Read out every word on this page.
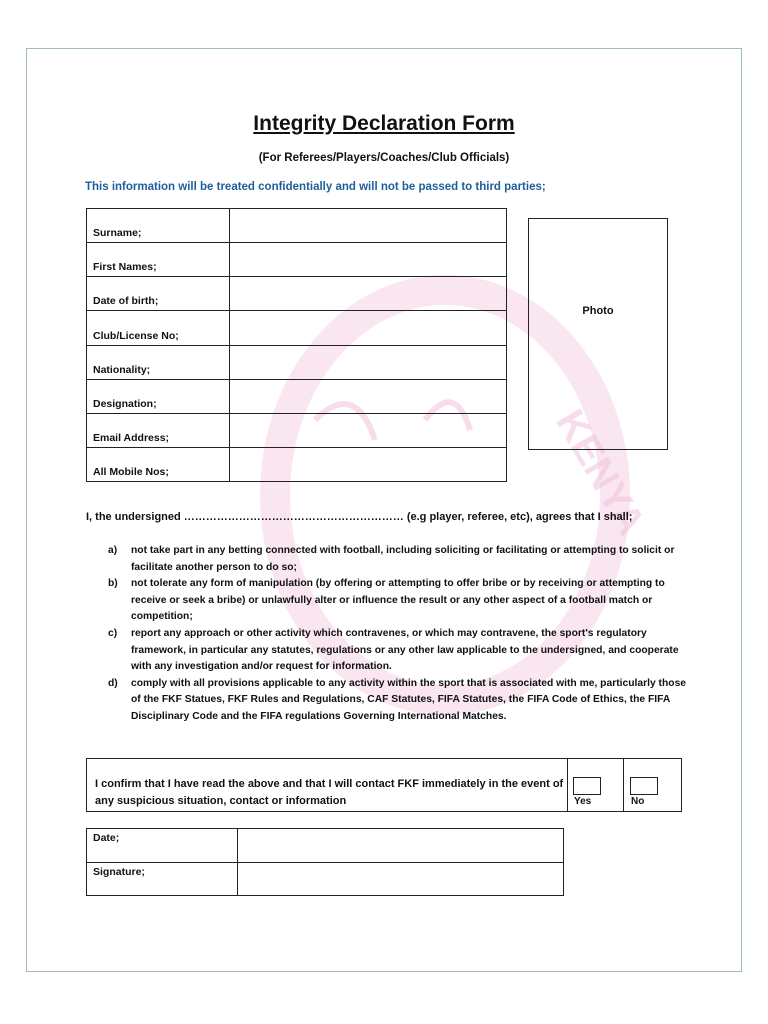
KENYA
Integrity Declaration Form
(For Referees/Players/Coaches/Club Officials)
This information will be treated confidentially and will not be passed to third parties;
Surname;	
First Names;	
Date of birth;	
Club/License No;	
Nationality;	
Designation;	
Email Address;	
All Mobile Nos;	
Photo
I, the undersigned …………………………………………………… (e.g player, referee, etc), agrees that I shall;
a) not take part in any betting connected with football, including soliciting or facilitating or attempting to solicit or facilitate another person to do so;
b) not tolerate any form of manipulation (by offering or attempting to offer bribe or by receiving or attempting to receive or seek a bribe) or unlawfully alter or influence the result or any other aspect of a football match or competition;
c) report any approach or other activity which contravenes, or which may contravene, the sport's regulatory framework, in particular any statutes, regulations or any other law applicable to the undersigned, and cooperate with any investigation and/or request for information.
d) comply with all provisions applicable to any activity within the sport that is associated with me, particularly those of the FKF Statues, FKF Rules and Regulations, CAF Statutes, FIFA Statutes, the FIFA Code of Ethics, the FIFA Disciplinary Code and the FIFA regulations Governing International Matches.
I confirm that I have read the above and that I will contact FKF immediately in the event of any suspicious situation, contact or information	Yes	No
Date;	
Signature;	
